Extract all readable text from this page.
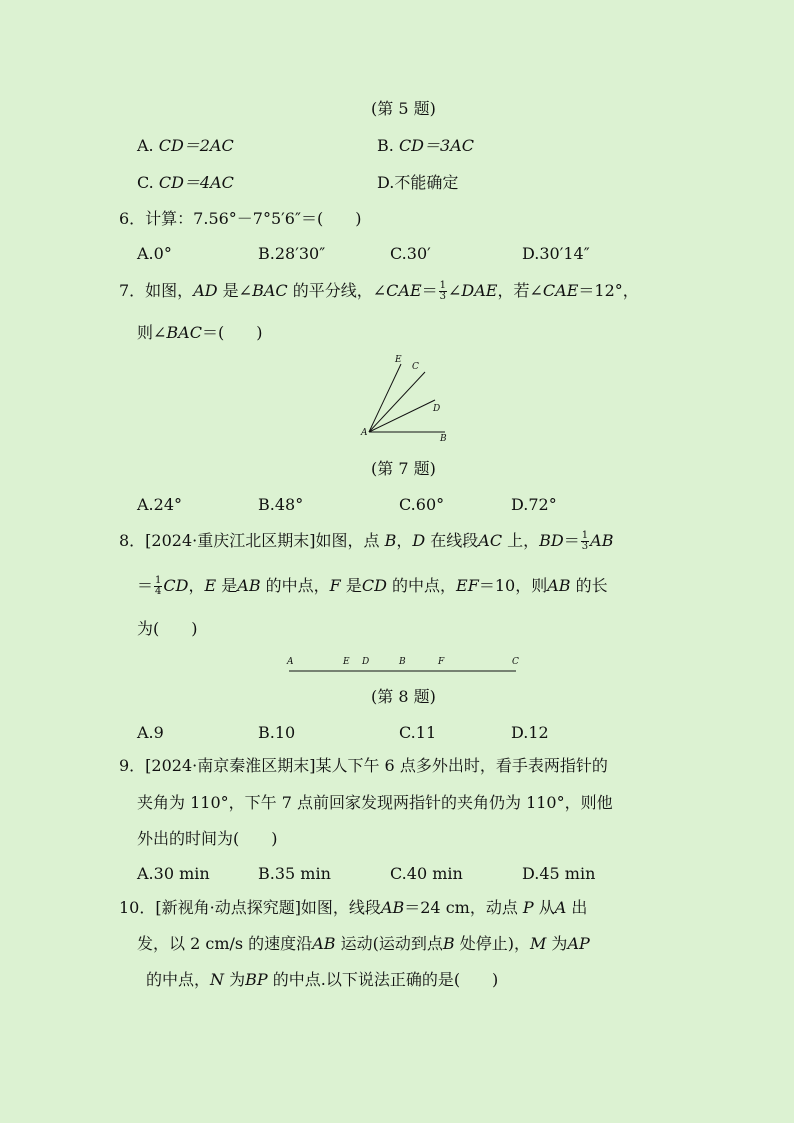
(第 5 题)
A. CD＝2AC	B. CD＝3AC
C. CD＝4AC	D.不能确定
6．计算：7.56°－7°5′6″＝(　　)
A.0°	B.28′30″	C.30′	D.30′14″
7．如图，AD 是∠BAC 的平分线，∠CAE＝ $\frac{1}{3}$ ∠DAE，若∠CAE＝12°，
则∠BAC＝(　　)
E
C
D
A
B
(第 7 题)
A.24°	B.48°	C.60°	D.72°
8．[2024·重庆江北区期末]如图，点 B，D 在线段AC 上，$BD= \frac{1}{3}$ AB
＝ $\frac{1}{4}$ CD，E 是AB 的中点，F 是CD 的中点，EF＝10，则AB 的长
为(　　)
A	E D	B	F	C
(第 8 题)
A.9	B.10	C.11	D.12
9．[2024·南京秦淮区期末]某人下午 6 点多外出时，看手表两指针的
夹角为 110°，下午 7 点前回家发现两指针的夹角仍为 110°，则他
外出的时间为(　　)
A.30 min	B.35 min	C.40 min	D.45 min
10．[新视角·动点探究题]如图，线段AB＝24 cm，动点 P 从A 出
发，以 2 cm/s 的速度沿AB 运动(运动到点B 处停止)，M 为AP
的中点，N 为BP 的中点.以下说法正确的是(　　)
